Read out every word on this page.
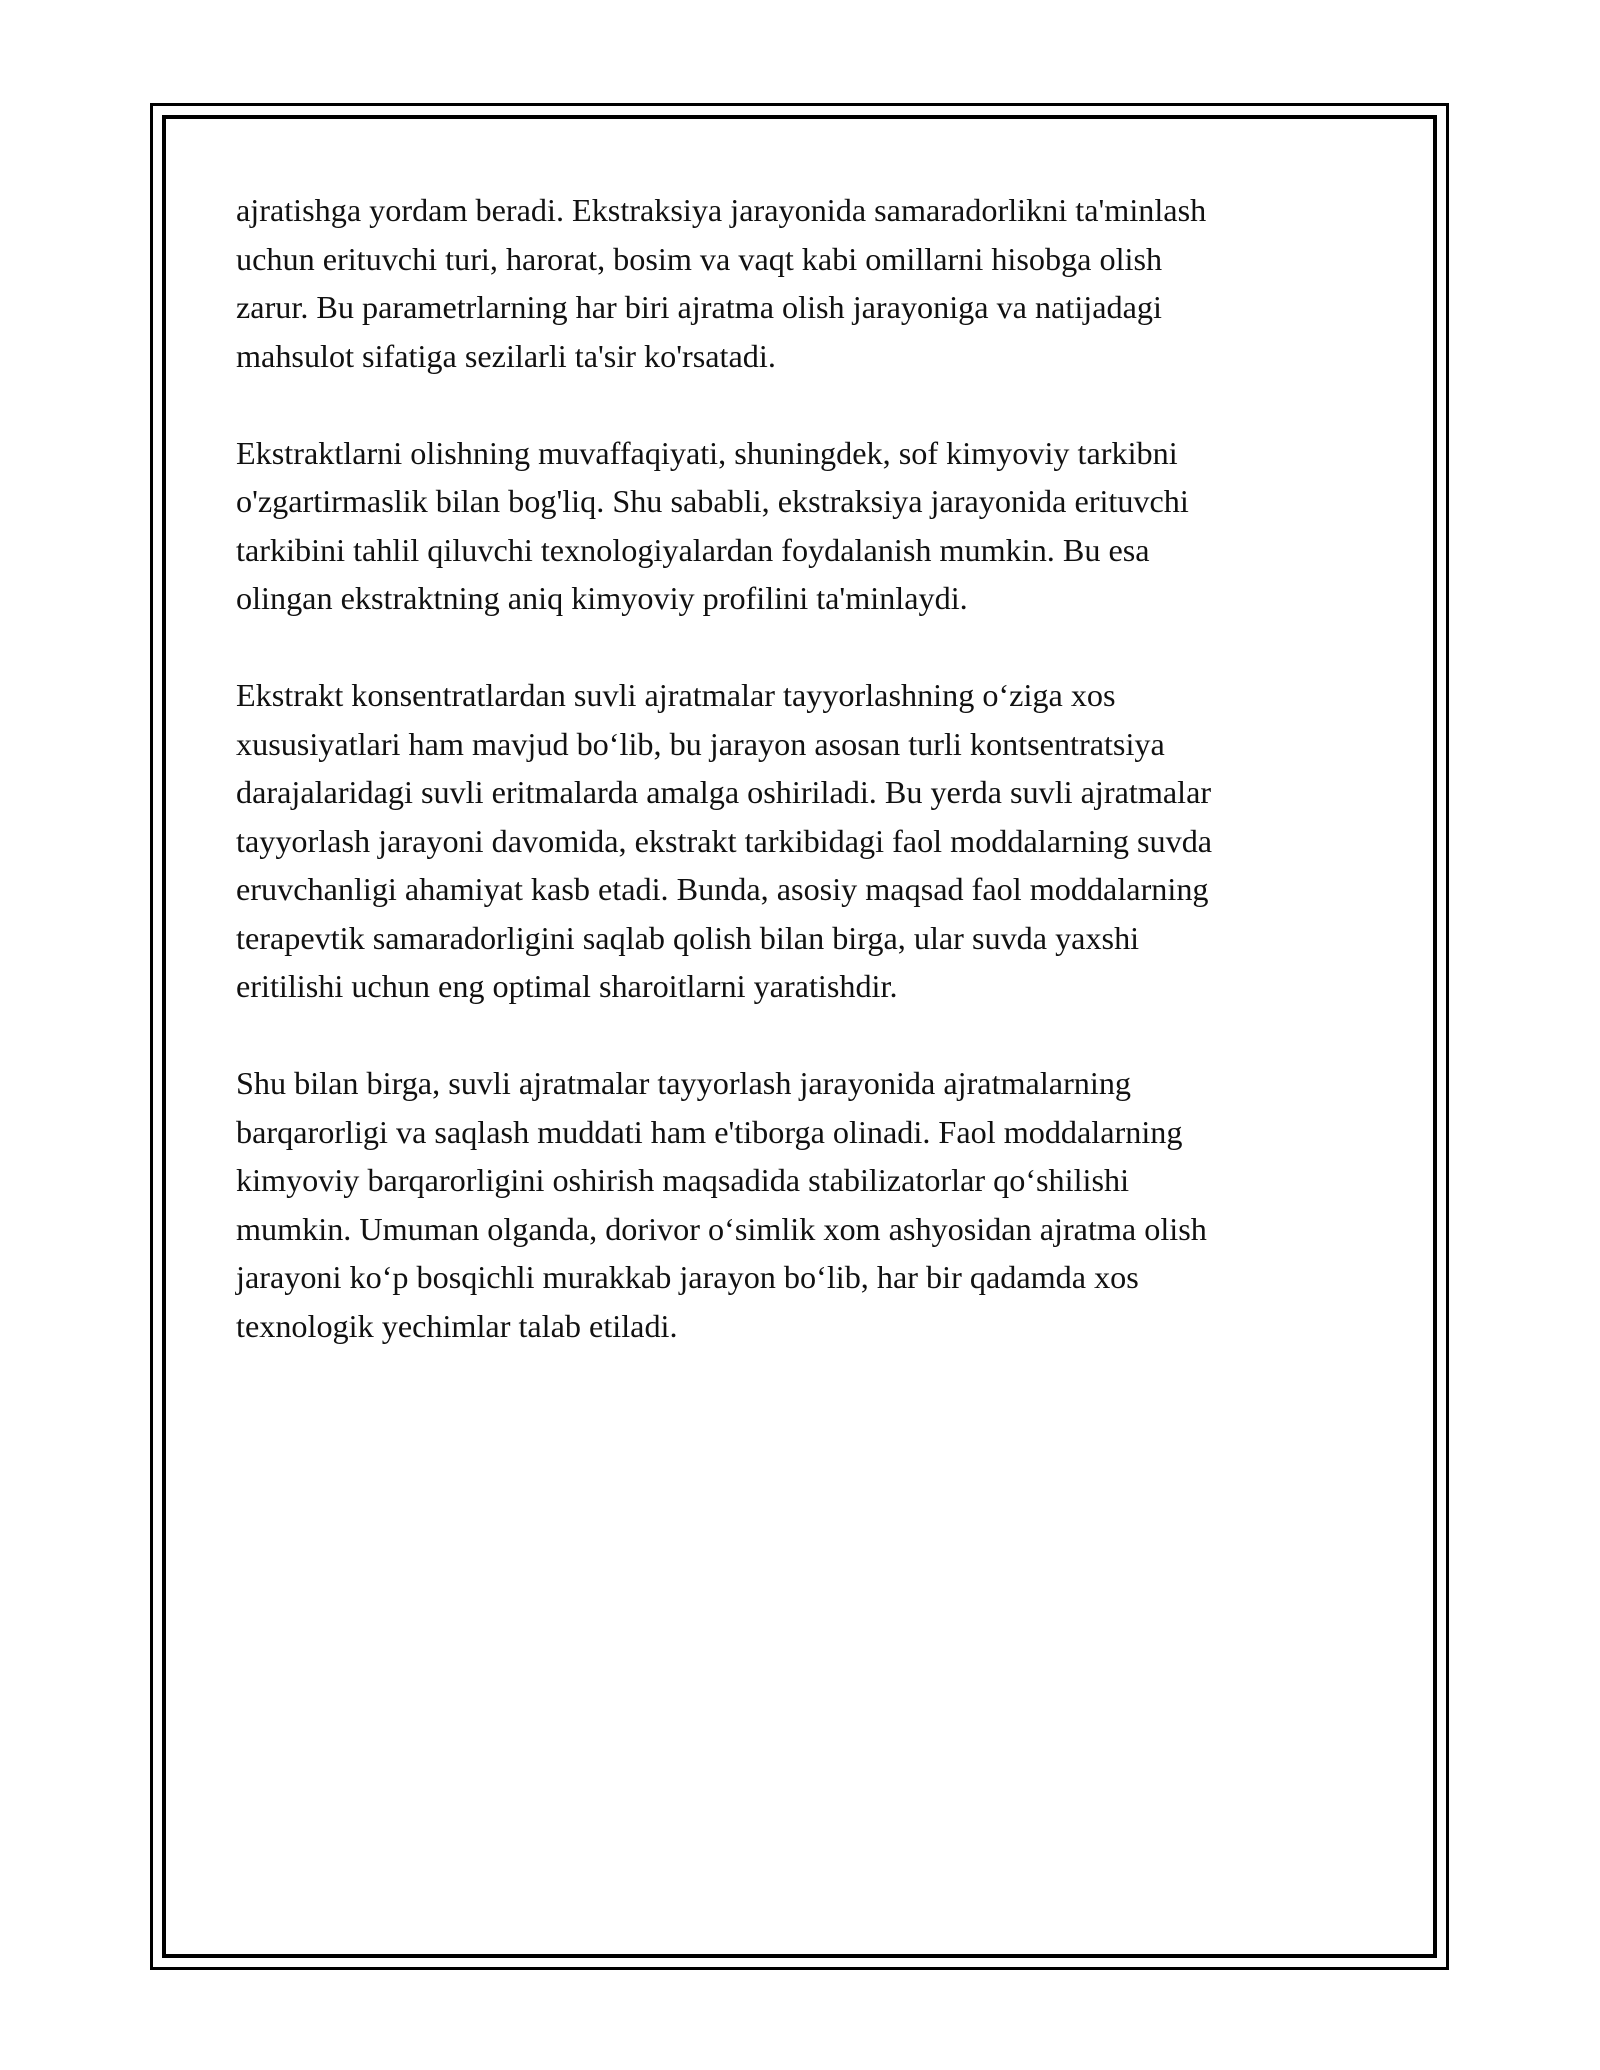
ajratishga yordam beradi. Ekstraksiya jarayonida samaradorlikni ta'minlash
uchun erituvchi turi, harorat, bosim va vaqt kabi omillarni hisobga olish
zarur. Bu parametrlarning har biri ajratma olish jarayoniga va natijadagi
mahsulot sifatiga sezilarli ta'sir ko'rsatadi.

Ekstraktlarni olishning muvaffaqiyati, shuningdek, sof kimyoviy tarkibni
o'zgartirmaslik bilan bog'liq. Shu sababli, ekstraksiya jarayonida erituvchi
tarkibini tahlil qiluvchi texnologiyalardan foydalanish mumkin. Bu esa
olingan ekstraktning aniq kimyoviy profilini ta'minlaydi.

Ekstrakt konsentratlardan suvli ajratmalar tayyorlashning o‘ziga xos
xususiyatlari ham mavjud bo‘lib, bu jarayon asosan turli kontsentratsiya
darajalaridagi suvli eritmalarda amalga oshiriladi. Bu yerda suvli ajratmalar
tayyorlash jarayoni davomida, ekstrakt tarkibidagi faol moddalarning suvda
eruvchanligi ahamiyat kasb etadi. Bunda, asosiy maqsad faol moddalarning
terapevtik samaradorligini saqlab qolish bilan birga, ular suvda yaxshi
eritilishi uchun eng optimal sharoitlarni yaratishdir.

Shu bilan birga, suvli ajratmalar tayyorlash jarayonida ajratmalarning
barqarorligi va saqlash muddati ham e'tiborga olinadi. Faol moddalarning
kimyoviy barqarorligini oshirish maqsadida stabilizatorlar qo‘shilishi
mumkin. Umuman olganda, dorivor o‘simlik xom ashyosidan ajratma olish
jarayoni ko‘p bosqichli murakkab jarayon bo‘lib, har bir qadamda xos
texnologik yechimlar talab etiladi.
